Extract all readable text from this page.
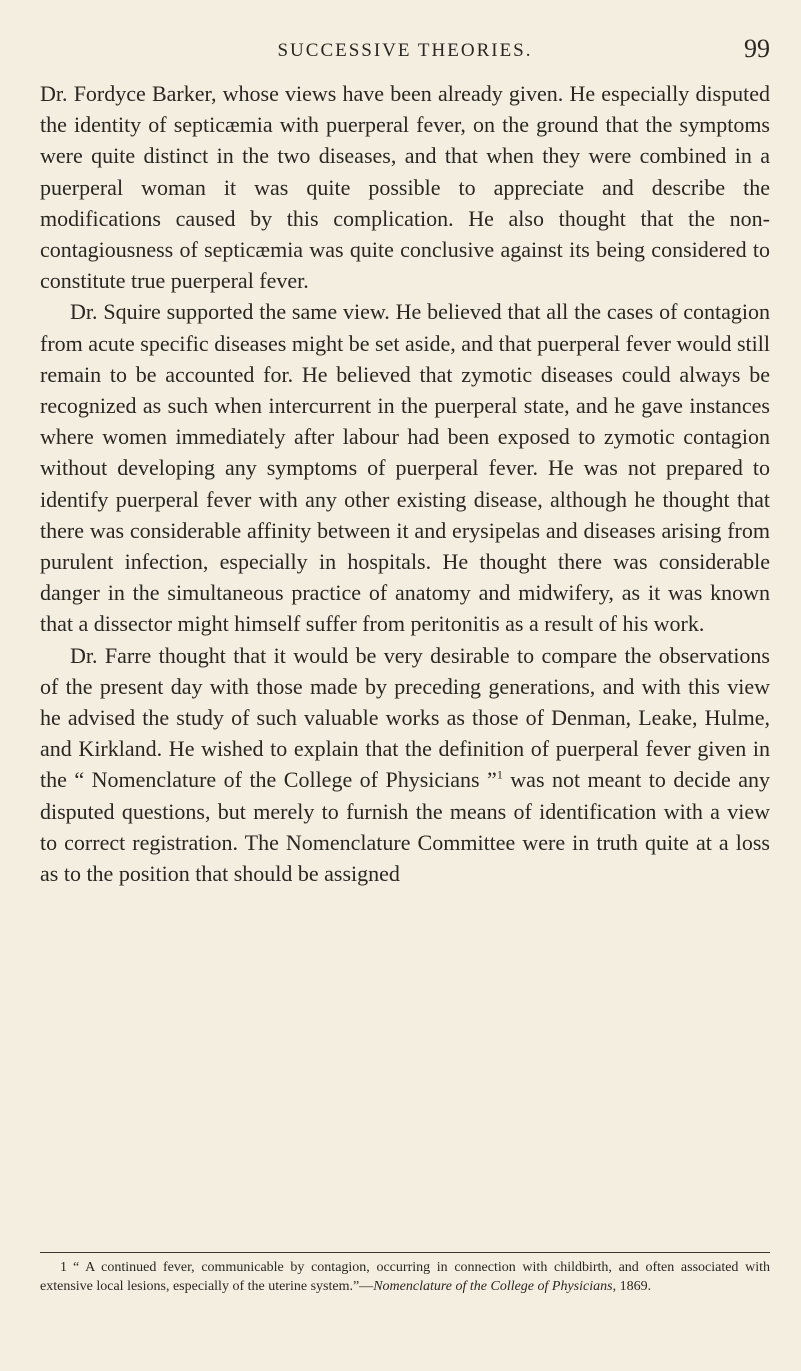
SUCCESSIVE THEORIES.	99

Dr. Fordyce Barker, whose views have been already given. He especially disputed the identity of septicæmia with puerperal fever, on the ground that the symptoms were quite distinct in the two diseases, and that when they were combined in a puerperal woman it was quite possible to appreciate and describe the modifications caused by this complication. He also thought that the non-contagiousness of septicæmia was quite conclusive against its being considered to constitute true puerperal fever.

Dr. Squire supported the same view. He believed that all the cases of contagion from acute specific diseases might be set aside, and that puerperal fever would still remain to be accounted for. He believed that zymotic diseases could always be recognized as such when intercurrent in the puerperal state, and he gave instances where women immediately after labour had been exposed to zymotic contagion without developing any symptoms of puerperal fever. He was not prepared to identify puerperal fever with any other existing disease, although he thought that there was considerable affinity between it and erysipelas and diseases arising from purulent infection, especially in hospitals. He thought there was considerable danger in the simultaneous practice of anatomy and midwifery, as it was known that a dissector might himself suffer from peritonitis as a result of his work.

Dr. Farre thought that it would be very desirable to compare the observations of the present day with those made by preceding generations, and with this view he advised the study of such valuable works as those of Denman, Leake, Hulme, and Kirkland. He wished to explain that the definition of puerperal fever given in the “ Nomenclature of the College of Physicians ”$^1$ was not meant to decide any disputed questions, but merely to furnish the means of identification with a view to correct registration. The Nomenclature Committee were in truth quite at a loss as to the position that should be assigned

1 “ A continued fever, communicable by contagion, occurring in connection with childbirth, and often associated with extensive local lesions, especially of the uterine system.”—Nomenclature of the College of Physicians, 1869.
